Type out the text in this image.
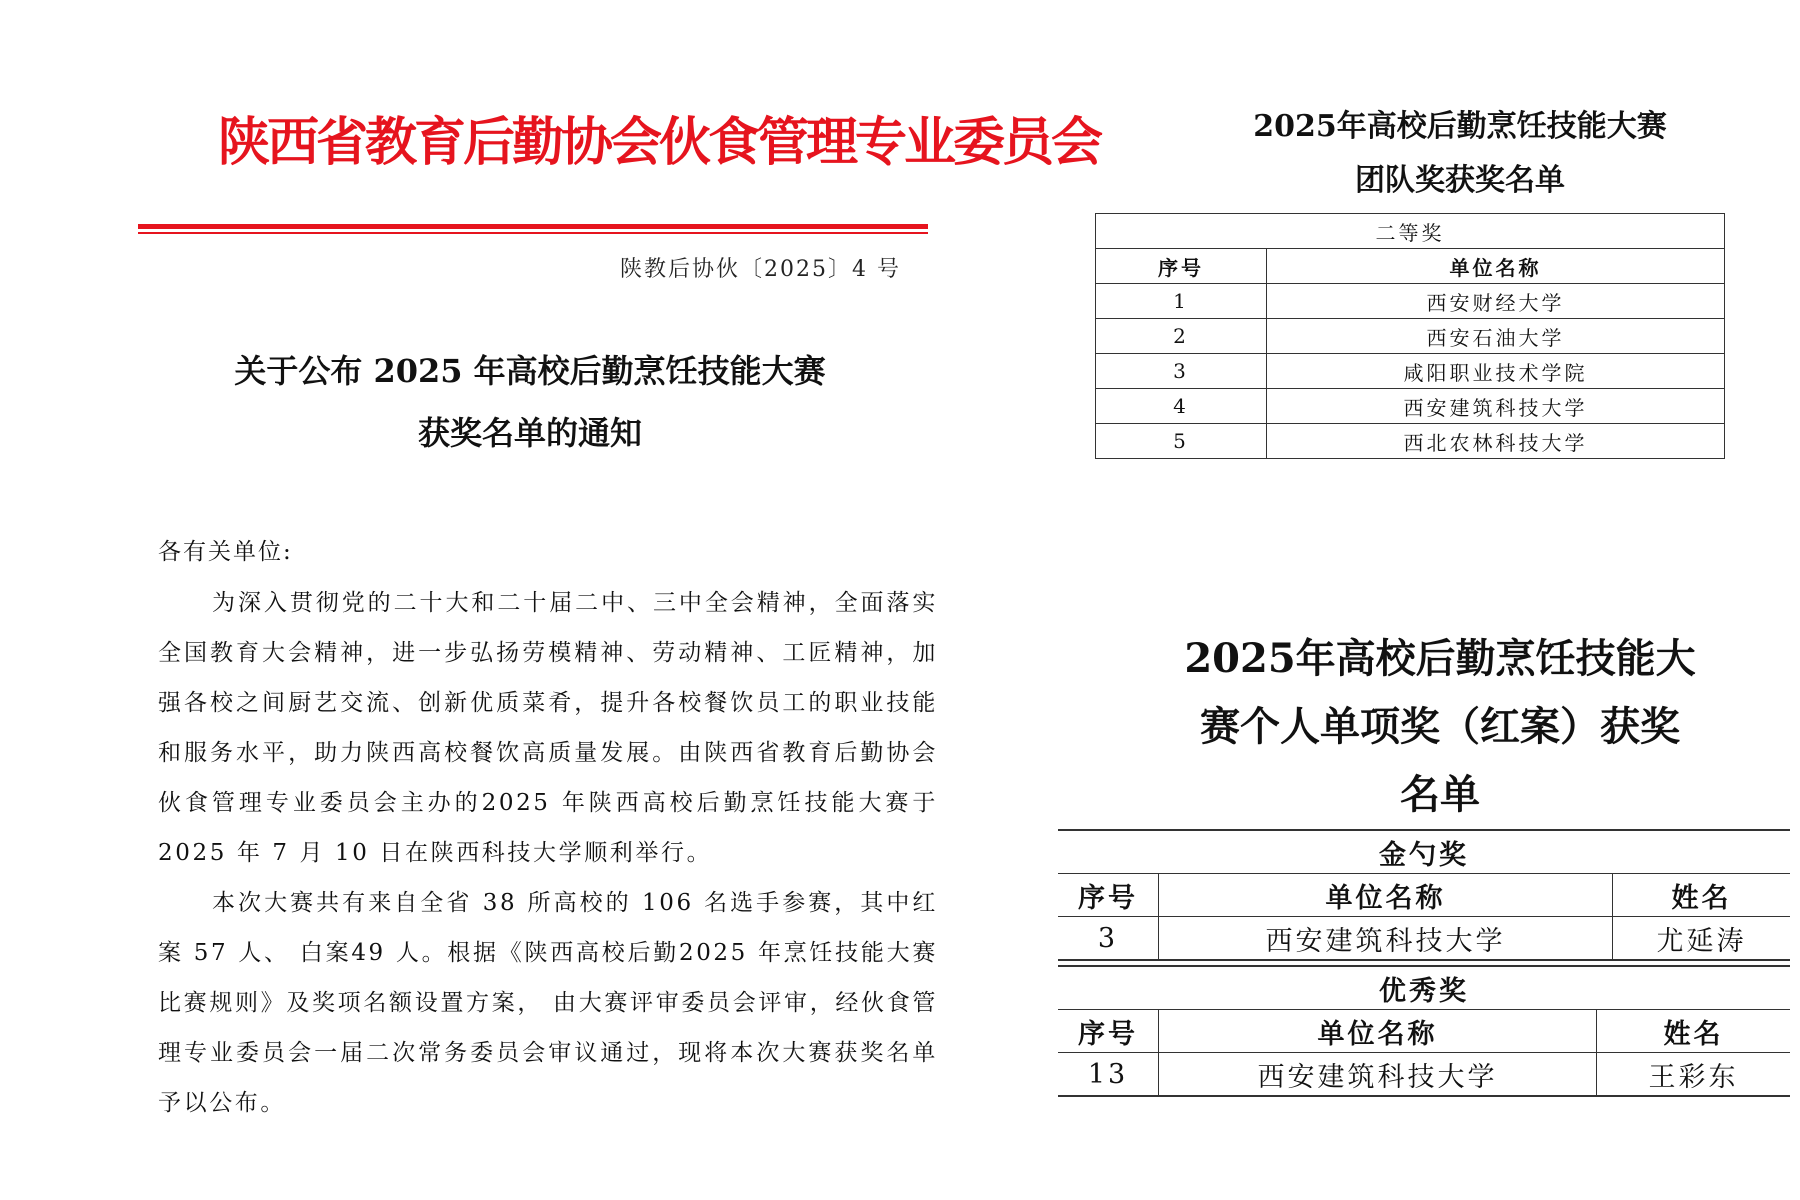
陕西省教育后勤协会伙食管理专业委员会
陕教后协伙〔2025〕4 号
关于公布 2025 年高校后勤烹饪技能大赛
获奖名单的通知
各有关单位:

为深入贯彻党的二十大和二十届二中、三中全会精神，全面落实全国教育大会精神，进一步弘扬劳模精神、劳动精神、工匠精神，加强各校之间厨艺交流、创新优质菜肴，提升各校餐饮员工的职业技能和服务水平，助力陕西高校餐饮高质量发展。由陕西省教育后勤协会伙食管理专业委员会主办的2025 年陕西高校后勤烹饪技能大赛于 2025 年 7 月 10 日在陕西科技大学顺利举行。

本次大赛共有来自全省 38 所高校的 106 名选手参赛，其中红案 57 人、 白案49 人。根据《陕西高校后勤2025 年烹饪技能大赛比赛规则》及奖项名额设置方案， 由大赛评审委员会评审，经伙食管理专业委员会一届二次常务委员会审议通过，现将本次大赛获奖名单予以公布。

2025年高校后勤烹饪技能大赛
团队奖获奖名单
二等奖	
序号	单位名称
1	西安财经大学
2	西安石油大学
3	咸阳职业技术学院
4	西安建筑科技大学
5	西北农林科技大学
2025年高校后勤烹饪技能大
赛个人单项奖（红案）获奖
名单
金勺奖		
序号	单位名称	姓名
3	西安建筑科技大学	尤延涛
优秀奖		
序号	单位名称	姓名
13	西安建筑科技大学	王彩东
